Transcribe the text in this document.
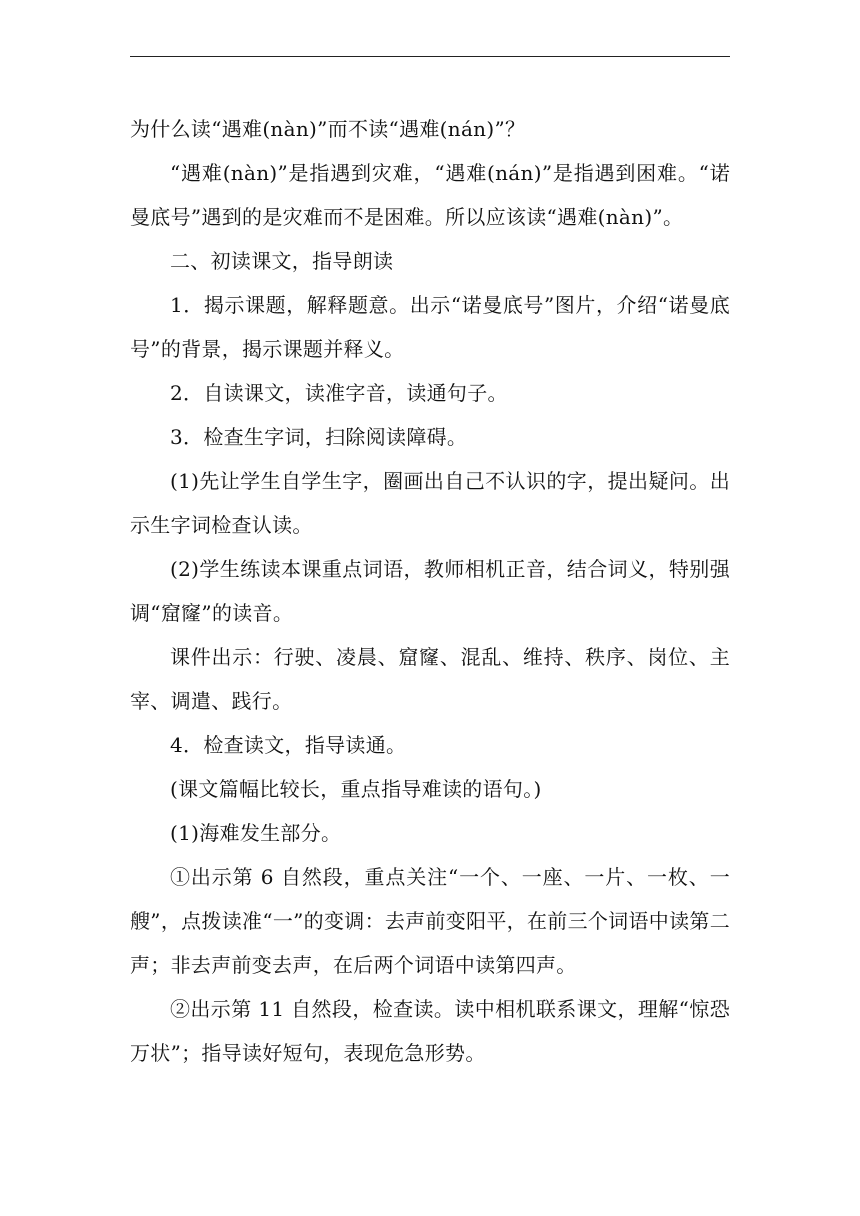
为什么读“遇难(nàn)”而不读“遇难(nán)”？

“遇难(nàn)”是指遇到灾难，“遇难(nán)”是指遇到困难。“诺曼底号”遇到的是灾难而不是困难。所以应该读“遇难(nàn)”。

二、初读课文，指导朗读

1．揭示课题，解释题意。出示“诺曼底号”图片，介绍“诺曼底号”的背景，揭示课题并释义。

2．自读课文，读准字音，读通句子。

3．检查生字词，扫除阅读障碍。

(1)先让学生自学生字，圈画出自己不认识的字，提出疑问。出示生字词检查认读。

(2)学生练读本课重点词语，教师相机正音，结合词义，特别强调“窟窿”的读音。

课件出示：行驶、凌晨、窟窿、混乱、维持、秩序、岗位、主宰、调遣、践行。

4．检查读文，指导读通。

(课文篇幅比较长，重点指导难读的语句。)

(1)海难发生部分。

①出示第 6 自然段，重点关注“一个、一座、一片、一枚、一艘”，点拨读准“一”的变调：去声前变阳平，在前三个词语中读第二声；非去声前变去声，在后两个词语中读第四声。

②出示第 11 自然段，检查读。读中相机联系课文，理解“惊恐万状”；指导读好短句，表现危急形势。
